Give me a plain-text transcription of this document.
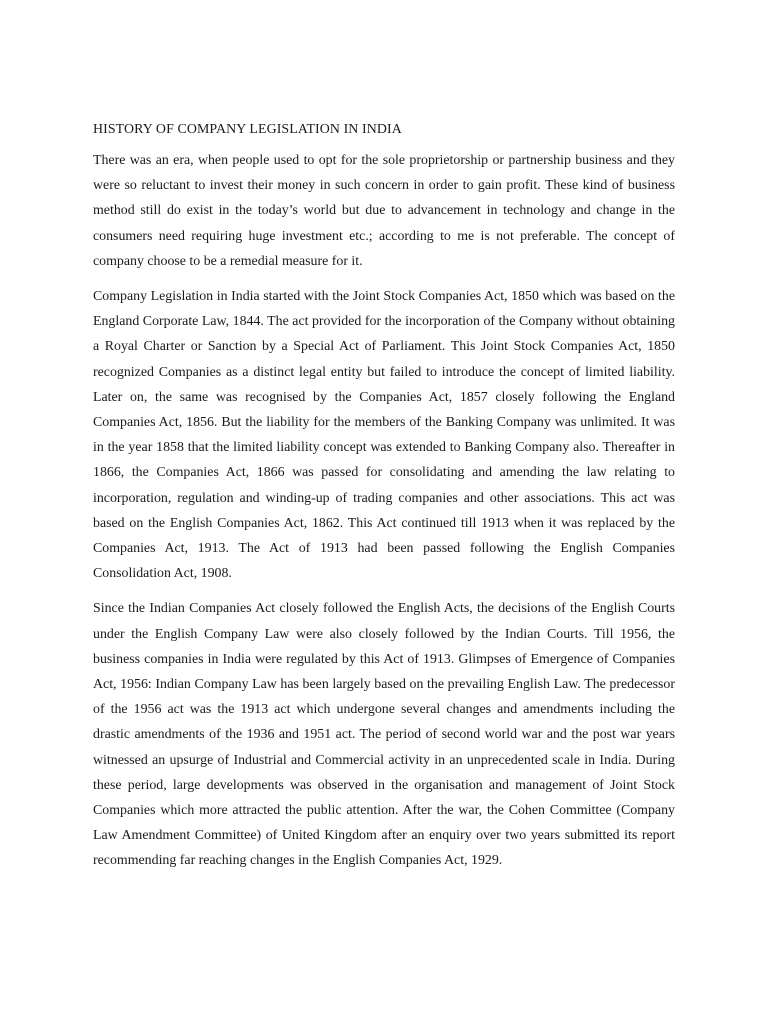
HISTORY OF COMPANY LEGISLATION IN INDIA

There was an era, when people used to opt for the sole proprietorship or partnership business and they were so reluctant to invest their money in such concern in order to gain profit. These kind of business method still do exist in the today’s world but due to advancement in technology and change in the consumers need requiring huge investment etc.; according to me is not preferable. The concept of company choose to be a remedial measure for it.

Company Legislation in India started with the Joint Stock Companies Act, 1850 which was based on the England Corporate Law, 1844. The act provided for the incorporation of the Company without obtaining a Royal Charter or Sanction by a Special Act of Parliament. This Joint Stock Companies Act, 1850 recognized Companies as a distinct legal entity but failed to introduce the concept of limited liability. Later on, the same was recognised by the Companies Act, 1857 closely following the England Companies Act, 1856. But the liability for the members of the Banking Company was unlimited. It was in the year 1858 that the limited liability concept was extended to Banking Company also. Thereafter in 1866, the Companies Act, 1866 was passed for consolidating and amending the law relating to incorporation, regulation and winding-up of trading companies and other associations. This act was based on the English Companies Act, 1862. This Act continued till 1913 when it was replaced by the Companies Act, 1913. The Act of 1913 had been passed following the English Companies Consolidation Act, 1908.

Since the Indian Companies Act closely followed the English Acts, the decisions of the English Courts under the English Company Law were also closely followed by the Indian Courts. Till 1956, the business companies in India were regulated by this Act of 1913. Glimpses of Emergence of Companies Act, 1956: Indian Company Law has been largely based on the prevailing English Law. The predecessor of the 1956 act was the 1913 act which undergone several changes and amendments including the drastic amendments of the 1936 and 1951 act. The period of second world war and the post war years witnessed an upsurge of Industrial and Commercial activity in an unprecedented scale in India. During these period, large developments was observed in the organisation and management of Joint Stock Companies which more attracted the public attention. After the war, the Cohen Committee (Company Law Amendment Committee) of United Kingdom after an enquiry over two years submitted its report recommending far reaching changes in the English Companies Act, 1929.
